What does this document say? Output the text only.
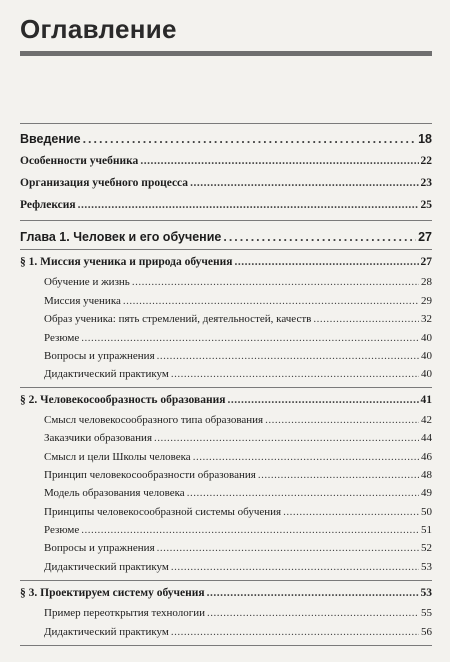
Оглавление
Введение .....	18
Особенности учебника .....	22
Организация учебного процесса .....	23
Рефлексия .....	25
Глава 1. Человек и его обучение .....	27
§ 1. Миссия ученика и природа обучения .....	27
Обучение и жизнь .....	28
Миссия ученика .....	29
Образ ученика: пять стремлений, деятельностей, качеств .....	32
Резюме .....	40
Вопросы и упражнения .....	40
Дидактический практикум .....	40
§ 2. Человекосообразность образования .....	41
Смысл человекосообразного типа образования .....	42
Заказчики образования .....	44
Смысл и цели Школы человека .....	46
Принцип человекосообразности образования .....	48
Модель образования человека .....	49
Принципы человекосообразной системы обучения .....	50
Резюме .....	51
Вопросы и упражнения .....	52
Дидактический практикум .....	53
§ 3. Проектируем систему обучения .....	53
Пример переоткрытия технологии .....	55
Дидактический практикум .....	56
